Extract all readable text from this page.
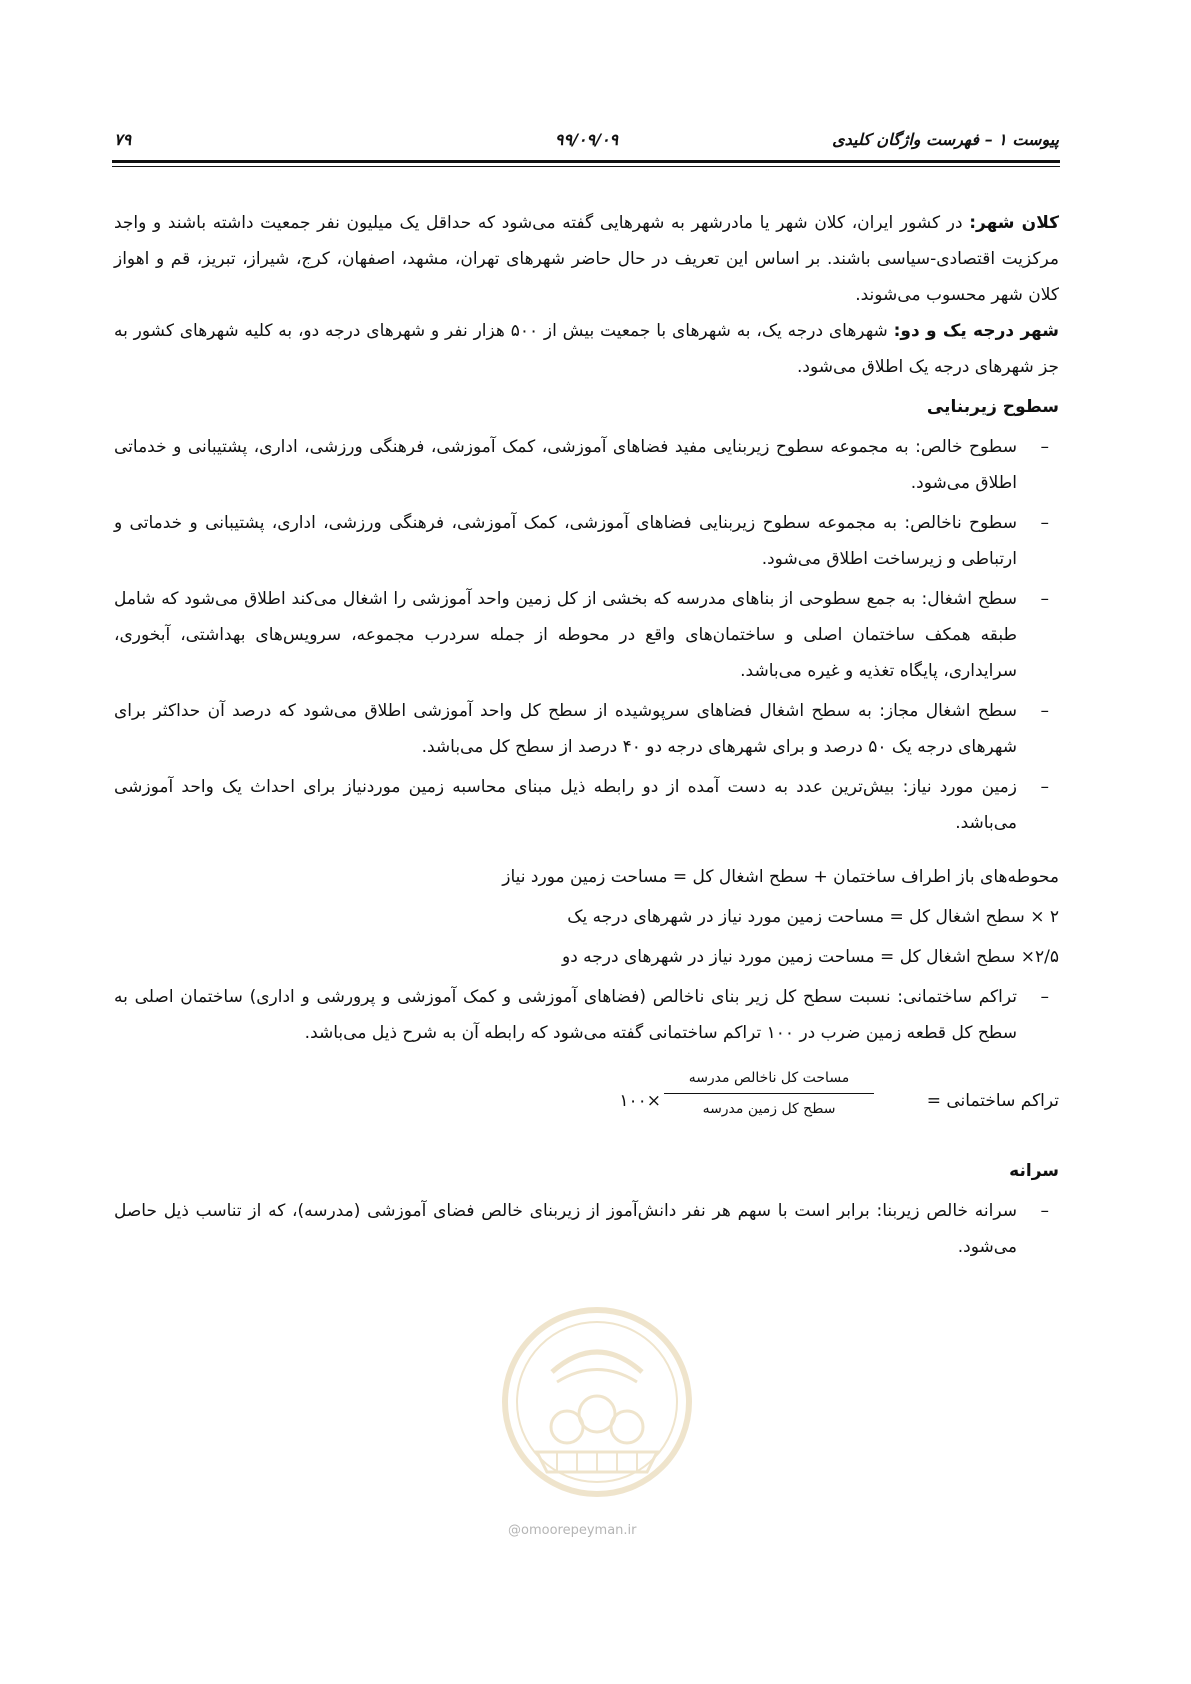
پیوست ۱ – فهرست واژگان کلیدی
۹۹/۰۹/۰۹
۷۹

کلان شهر: در کشور ایران، کلان شهر یا مادرشهر به شهرهایی گفته می‌شود که حداقل یک میلیون نفر جمعیت داشته باشند و واجد مرکزیت اقتصادی-سیاسی باشند. بر اساس این تعریف در حال حاضر شهرهای تهران، مشهد، اصفهان، کرج، شیراز، تبریز، قم و اهواز کلان شهر محسوب می‌شوند.

شهر درجه یک و دو: شهرهای درجه یک، به شهرهای با جمعیت بیش از ۵۰۰ هزار نفر و شهرهای درجه دو، به کلیه شهرهای کشور به جز شهرهای درجه یک اطلاق می‌شود.

سطوح زیربنایی
– سطوح خالص: به مجموعه سطوح زیربنایی مفید فضاهای آموزشی، کمک آموزشی، فرهنگی ورزشی، اداری، پشتیبانی و خدماتی اطلاق می‌شود.
– سطوح ناخالص: به مجموعه سطوح زیربنایی فضاهای آموزشی، کمک آموزشی، فرهنگی ورزشی، اداری، پشتیبانی و خدماتی و ارتباطی و زیرساخت اطلاق می‌شود.
– سطح اشغال: به جمع سطوحی از بناهای مدرسه که بخشی از کل زمین واحد آموزشی را اشغال می‌کند اطلاق می‌شود که شامل طبقه همکف ساختمان اصلی و ساختمان‌های واقع در محوطه از جمله سردرب مجموعه، سرویس‌های بهداشتی، آبخوری، سرایداری، پایگاه تغذیه و غیره می‌باشد.
– سطح اشغال مجاز: به سطح اشغال فضاهای سرپوشیده از سطح کل واحد آموزشی اطلاق می‌شود که درصد آن حداکثر برای شهرهای درجه یک ۵۰ درصد و برای شهرهای درجه دو ۴۰ درصد از سطح کل می‌باشد.
– زمین مورد نیاز: بیش‌ترین عدد به دست آمده از دو رابطه ذیل مبنای محاسبه زمین موردنیاز برای احداث یک واحد آموزشی می‌باشد.
محوطه‌های باز اطراف ساختمان + سطح اشغال کل = مساحت زمین مورد نیاز
۲ × سطح اشغال کل = مساحت زمین مورد نیاز در شهرهای درجه یک
۲/۵× سطح اشغال کل = مساحت زمین مورد نیاز در شهرهای درجه دو
– تراکم ساختمانی: نسبت سطح کل زیر بنای ناخالص (فضاهای آموزشی و کمک آموزشی و پرورشی و اداری) ساختمان اصلی به سطح کل قطعه زمین ضرب در ۱۰۰ تراکم ساختمانی گفته می‌شود که رابطه آن به شرح ذیل می‌باشد.
تراکم ساختمانی =
مساحت کل ناخالص مدرسه
سطح کل زمین مدرسه
×۱۰۰
سرانه
– سرانه خالص زیربنا: برابر است با سهم هر نفر دانش‌آموز از زیربنای خالص فضای آموزشی (مدرسه)، که از تناسب ذیل حاصل می‌شود.
@omoorepeyman.ir
